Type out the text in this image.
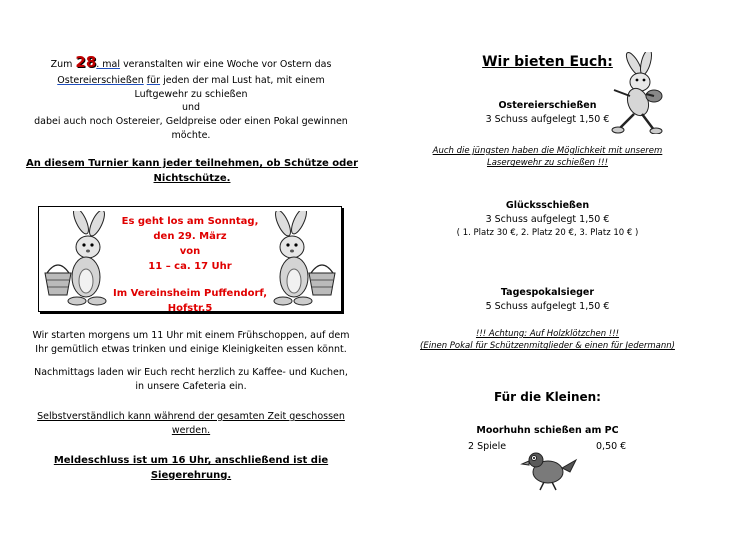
Zum 28. mal veranstalten wir eine Woche vor Ostern das
Ostereierschießen für jeden der mal Lust hat, mit einem
Luftgewehr zu schießen
und
dabei auch noch Ostereier, Geldpreise oder einen Pokal gewinnen
möchte.
An diesem Turnier kann jeder teilnehmen, ob Schütze oder
Nichtschütze.
Es geht los am Sonntag,
den 29. März
von
11 – ca. 17 Uhr
Im Vereinsheim Puffendorf, Hofstr.5
Wir starten morgens um 11 Uhr mit einem Frühschoppen, auf dem
Ihr gemütlich etwas trinken und einige Kleinigkeiten essen könnt.
Nachmittags laden wir Euch recht herzlich zu Kaffee- und Kuchen,
in unsere Cafeteria ein.
Selbstverständlich kann während der gesamten Zeit geschossen
werden.
Meldeschluss ist um 16 Uhr, anschließend ist die
Siegerehrung.
Wir bieten Euch:
Ostereierschießen
3 Schuss aufgelegt 1,50 €
Auch die jüngsten haben die Möglichkeit mit unserem
Lasergewehr zu schießen !!!
Glücksschießen
3 Schuss aufgelegt 1,50 €
( 1. Platz 30 €, 2. Platz 20 €, 3. Platz 10 € )
Tagespokalsieger
5 Schuss aufgelegt 1,50 €
!!! Achtung: Auf Holzklötzchen !!!
(Einen Pokal für Schützenmitglieder & einen für Jedermann)
Für die Kleinen:
Moorhuhn schießen am PC
2 Spiele	0,50 €
